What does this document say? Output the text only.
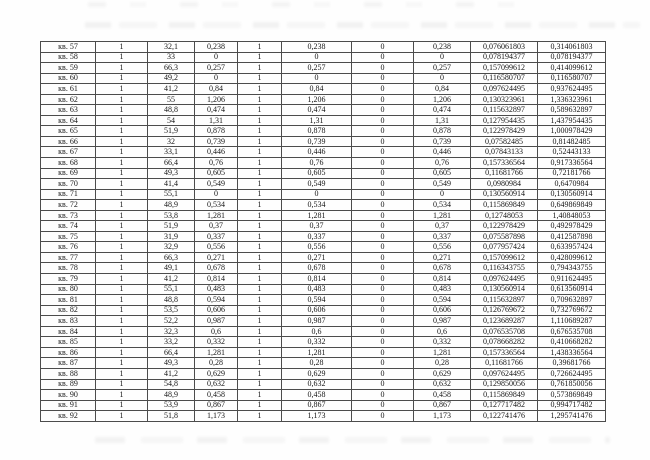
кв. 57	1	32,1	0,238	1	0,238	0	0,238	0,076061803	0,314061803
кв. 58	1	33	0	1	0	0	0	0,078194377	0,078194377
кв. 59	1	66,3	0,257	1	0,257	0	0,257	0,157099612	0,414099612
кв. 60	1	49,2	0	1	0	0	0	0,116580707	0,116580707
кв. 61	1	41,2	0,84	1	0,84	0	0,84	0,097624495	0,937624495
кв. 62	1	55	1,206	1	1,206	0	1,206	0,130323961	1,336323961
кв. 63	1	48,8	0,474	1	0,474	0	0,474	0,115632897	0,589632897
кв. 64	1	54	1,31	1	1,31	0	1,31	0,127954435	1,437954435
кв. 65	1	51,9	0,878	1	0,878	0	0,878	0,122978429	1,000978429
кв. 66	1	32	0,739	1	0,739	0	0,739	0,07582485	0,81482485
кв. 67	1	33,1	0,446	1	0,446	0	0,446	0,07843133	0,52443133
кв. 68	1	66,4	0,76	1	0,76	0	0,76	0,157336564	0,917336564
кв. 69	1	49,3	0,605	1	0,605	0	0,605	0,11681766	0,72181766
кв. 70	1	41,4	0,549	1	0,549	0	0,549	0,0980984	0,6470984
кв. 71	1	55,1	0	1	0	0	0	0,130560914	0,130560914
кв. 72	1	48,9	0,534	1	0,534	0	0,534	0,115869849	0,649869849
кв. 73	1	53,8	1,281	1	1,281	0	1,281	0,12748053	1,40848053
кв. 74	1	51,9	0,37	1	0,37	0	0,37	0,122978429	0,492978429
кв. 75	1	31,9	0,337	1	0,337	0	0,337	0,075587898	0,412587898
кв. 76	1	32,9	0,556	1	0,556	0	0,556	0,077957424	0,633957424
кв. 77	1	66,3	0,271	1	0,271	0	0,271	0,157099612	0,428099612
кв. 78	1	49,1	0,678	1	0,678	0	0,678	0,116343755	0,794343755
кв. 79	1	41,2	0,814	1	0,814	0	0,814	0,097624495	0,911624495
кв. 80	1	55,1	0,483	1	0,483	0	0,483	0,130560914	0,613560914
кв. 81	1	48,8	0,594	1	0,594	0	0,594	0,115632897	0,709632897
кв. 82	1	53,5	0,606	1	0,606	0	0,606	0,126769672	0,732769672
кв. 83	1	52,2	0,987	1	0,987	0	0,987	0,123689287	1,110689287
кв. 84	1	32,3	0,6	1	0,6	0	0,6	0,076535708	0,676535708
кв. 85	1	33,2	0,332	1	0,332	0	0,332	0,078668282	0,410668282
кв. 86	1	66,4	1,281	1	1,281	0	1,281	0,157336564	1,438336564
кв. 87	1	49,3	0,28	1	0,28	0	0,28	0,11681766	0,39681766
кв. 88	1	41,2	0,629	1	0,629	0	0,629	0,097624495	0,726624495
кв. 89	1	54,8	0,632	1	0,632	0	0,632	0,129850056	0,761850056
кв. 90	1	48,9	0,458	1	0,458	0	0,458	0,115869849	0,573869849
кв. 91	1	53,9	0,867	1	0,867	0	0,867	0,127717482	0,994717482
кв. 92	1	51,8	1,173	1	1,173	0	1,173	0,122741476	1,295741476
